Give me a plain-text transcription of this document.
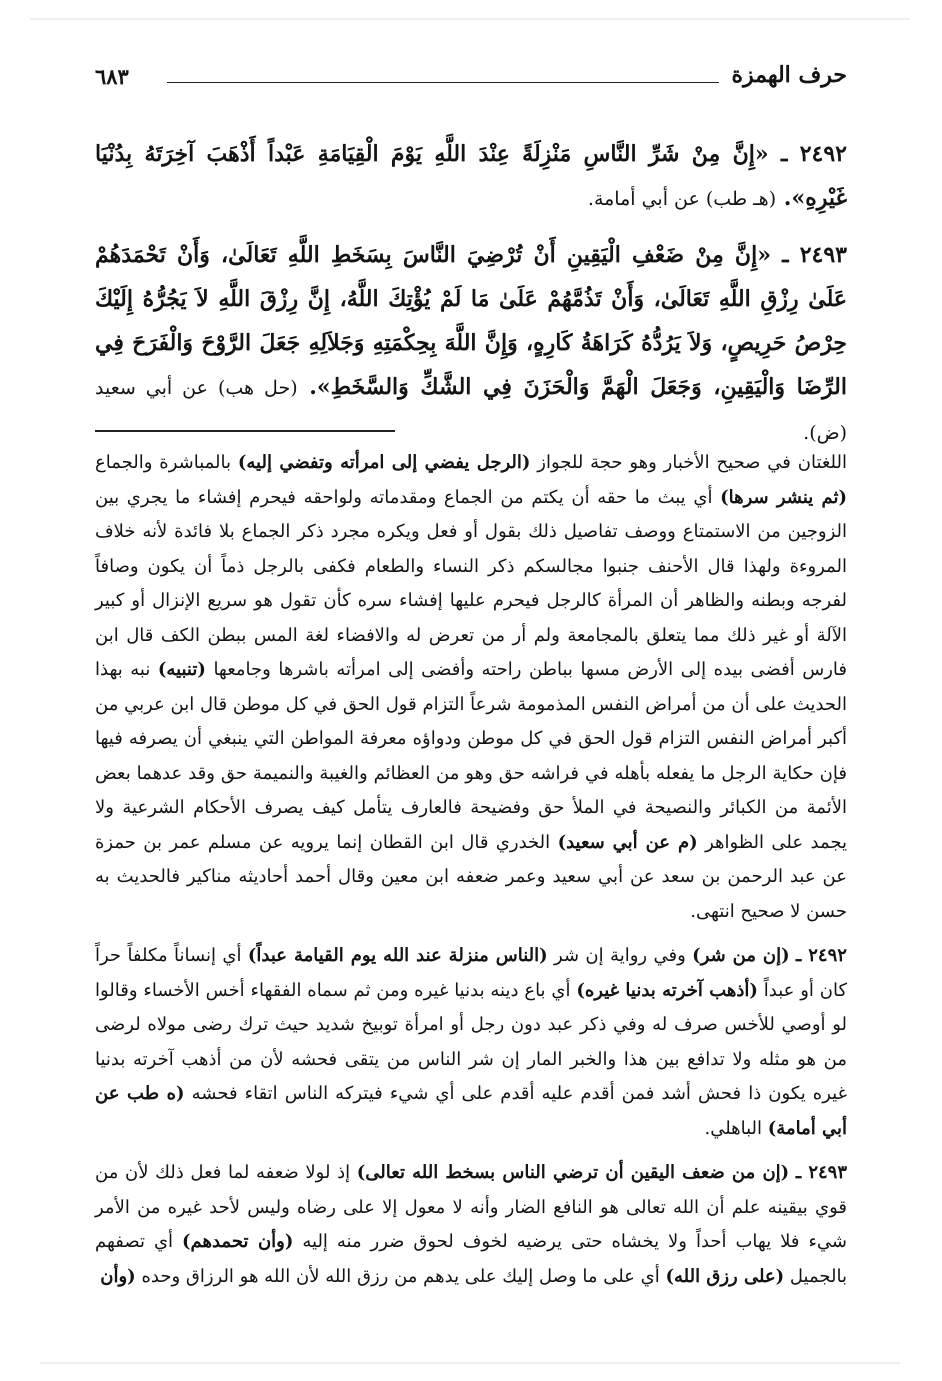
حرف الهمزة
٦٨٣

٢٤٩٢ ـ «إِنَّ مِنْ شَرِّ النَّاسِ مَنْزِلَةً عِنْدَ اللَّهِ يَوْمَ الْقِيَامَةِ عَبْداً أَذْهَبَ آخِرَتَهُ بِدُنْيَا غَيْرِهِ». (هـ طب) عن أبي أمامة.

٢٤٩٣ ـ «إِنَّ مِنْ ضَعْفِ الْيَقِينِ أَنْ تُرْضِيَ النَّاسَ بِسَخَطِ اللَّهِ تَعَالَىٰ، وَأَنْ تَحْمَدَهُمْ عَلَىٰ رِزْقِ اللَّهِ تَعَالَىٰ، وَأَنْ تَذُمَّهُمْ عَلَىٰ مَا لَمْ يُؤْتِكَ اللَّهُ، إِنَّ رِزْقَ اللَّهِ لاَ يَجُرُّهُ إِلَيْكَ حِرْصُ حَرِيصٍ، وَلاَ يَرُدُّهُ كَرَاهَةُ كَارِهٍ، وَإِنَّ اللَّهَ بِحِكْمَتِهِ وَجَلاَلِهِ جَعَلَ الرَّوْحَ وَالْفَرَحَ فِي الرِّضَا وَالْيَقِينِ، وَجَعَلَ الْهَمَّ وَالْحَزَنَ فِي الشَّكِّ وَالسَّخَطِ». (حل هب) عن أبي سعيد (ض).

اللغتان في صحيح الأخبار وهو حجة للجواز (الرجل يفضي إلى امرأته وتفضي إليه) بالمباشرة والجماع (ثم ينشر سرها) أي يبث ما حقه أن يكتم من الجماع ومقدماته ولواحقه فيحرم إفشاء ما يجري بين الزوجين من الاستمتاع ووصف تفاصيل ذلك بقول أو فعل ويكره مجرد ذكر الجماع بلا فائدة لأنه خلاف المروءة ولهذا قال الأحنف جنبوا مجالسكم ذكر النساء والطعام فكفى بالرجل ذماً أن يكون وصافاً لفرجه وبطنه والظاهر أن المرأة كالرجل فيحرم عليها إفشاء سره كأن تقول هو سريع الإنزال أو كبير الآلة أو غير ذلك مما يتعلق بالمجامعة ولم أر من تعرض له والافضاء لغة المس ببطن الكف قال ابن فارس أفضى بيده إلى الأرض مسها بباطن راحته وأفضى إلى امرأته باشرها وجامعها (تنبيه) نبه بهذا الحديث على أن من أمراض النفس المذمومة شرعاً التزام قول الحق في كل موطن قال ابن عربي من أكبر أمراض النفس التزام قول الحق في كل موطن ودواؤه معرفة المواطن التي ينبغي أن يصرفه فيها فإن حكاية الرجل ما يفعله بأهله في فراشه حق وهو من العظائم والغيبة والنميمة حق وقد عدهما بعض الأئمة من الكبائر والنصيحة في الملأ حق وفضيحة فالعارف يتأمل كيف يصرف الأحكام الشرعية ولا يجمد على الظواهر (م عن أبي سعيد) الخدري قال ابن القطان إنما يرويه عن مسلم عمر بن حمزة عن عبد الرحمن بن سعد عن أبي سعيد وعمر ضعفه ابن معين وقال أحمد أحاديثه مناكير فالحديث به حسن لا صحيح انتهى.

٢٤٩٢ ـ (إن من شر) وفي رواية إن شر (الناس منزلة عند الله يوم القيامة عبداً) أي إنساناً مكلفاً حراً كان أو عبداً (أذهب آخرته بدنيا غيره) أي باع دينه بدنيا غيره ومن ثم سماه الفقهاء أخس الأخساء وقالوا لو أوصي للأخس صرف له وفي ذكر عبد دون رجل أو امرأة توبيخ شديد حيث ترك رضى مولاه لرضى من هو مثله ولا تدافع بين هذا والخبر المار إن شر الناس من يتقى فحشه لأن من أذهب آخرته بدنيا غيره يكون ذا فحش أشد فمن أقدم عليه أقدم على أي شيء فيتركه الناس اتقاء فحشه (ه طب عن أبي أمامة) الباهلي.

٢٤٩٣ ـ (إن من ضعف اليقين أن ترضي الناس بسخط الله تعالى) إذ لولا ضعفه لما فعل ذلك لأن من قوي بيقينه علم أن الله تعالى هو النافع الضار وأنه لا معول إلا على رضاه وليس لأحد غيره من الأمر شيء فلا يهاب أحداً ولا يخشاه حتى يرضيه لخوف لحوق ضرر منه إليه (وأن تحمدهم) أي تصفهم بالجميل (على رزق الله) أي على ما وصل إليك على يدهم من رزق الله لأن الله هو الرزاق وحده (وأن
